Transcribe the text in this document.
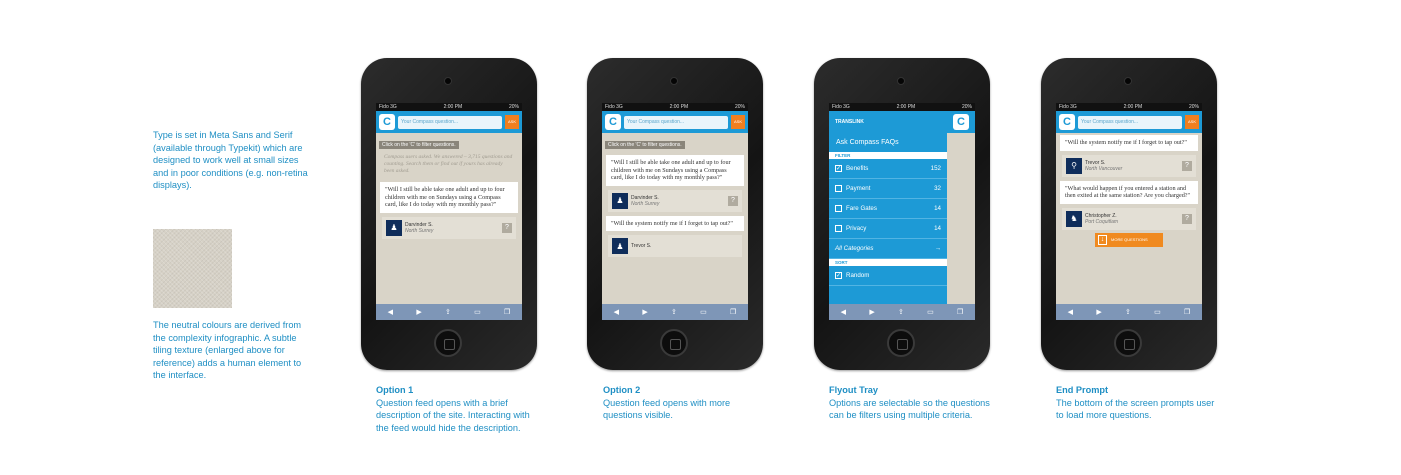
Type is set in Meta Sans and Serif
(available through Typekit) which are
designed to work well at small sizes
and in poor conditions (e.g. non-retina
displays).
The neutral colours are derived from
the complexity infographic. A subtle
tiling texture (enlarged above for
reference) adds a human element to
the interface.
Fido 3G	2:00 PM	20%
C	Your Compass question...	ASK
Click on the 'C' to filter questions.
Compass users asked. We answered – 3,715 questions and counting. Search them or find out if yours has already been asked.
"Will I still be able take one adult and up to four children with me on Sundays using a Compass card, like I do today with my monthly pass?"
♟	Darvinder S.
North Surrey	?
◀	▶	⇪	▭	❐
Fido 3G	2:00 PM	20%
C	Your Compass question...	ASK
Click on the 'C' to filter questions.
"Will I still be able take one adult and up to four children with me on Sundays using a Compass card, like I do today with my monthly pass?"
♟	Darvinder S.
North Surrey	?
"Will the system notify me if I forget to tap out?"
♟	Trevor S.
◀	▶	⇪	▭	❐
Fido 3G	2:00 PM	20%
C
TRANSLINK
Ask Compass FAQs
FILTER
✓ Benefits	152
Payment	32
Fare Gates	14
Privacy	14
All Categories	→
SORT
✓ Random
◀	▶	⇪	▭	❐
Fido 3G	2:00 PM	20%
C	Your Compass question...	ASK
"Will the system notify me if I forget to tap out?"
⚲	Trevor S.
North Vancouver	?
"What would happen if you entered a station and then exited at the same station? Are you charged?"
♞	Christopher Z.
Port Coquitlam	?
↓	MORE QUESTIONS
◀	▶	⇪	▭	❐
Option 1
Question feed opens with a brief
description of the site. Interacting with
the feed would hide the description.
Option 2
Question feed opens with more
questions visible.
Flyout Tray
Options are selectable so the questions
can be filters using multiple criteria.
End Prompt
The bottom of the screen prompts user
to load more questions.
